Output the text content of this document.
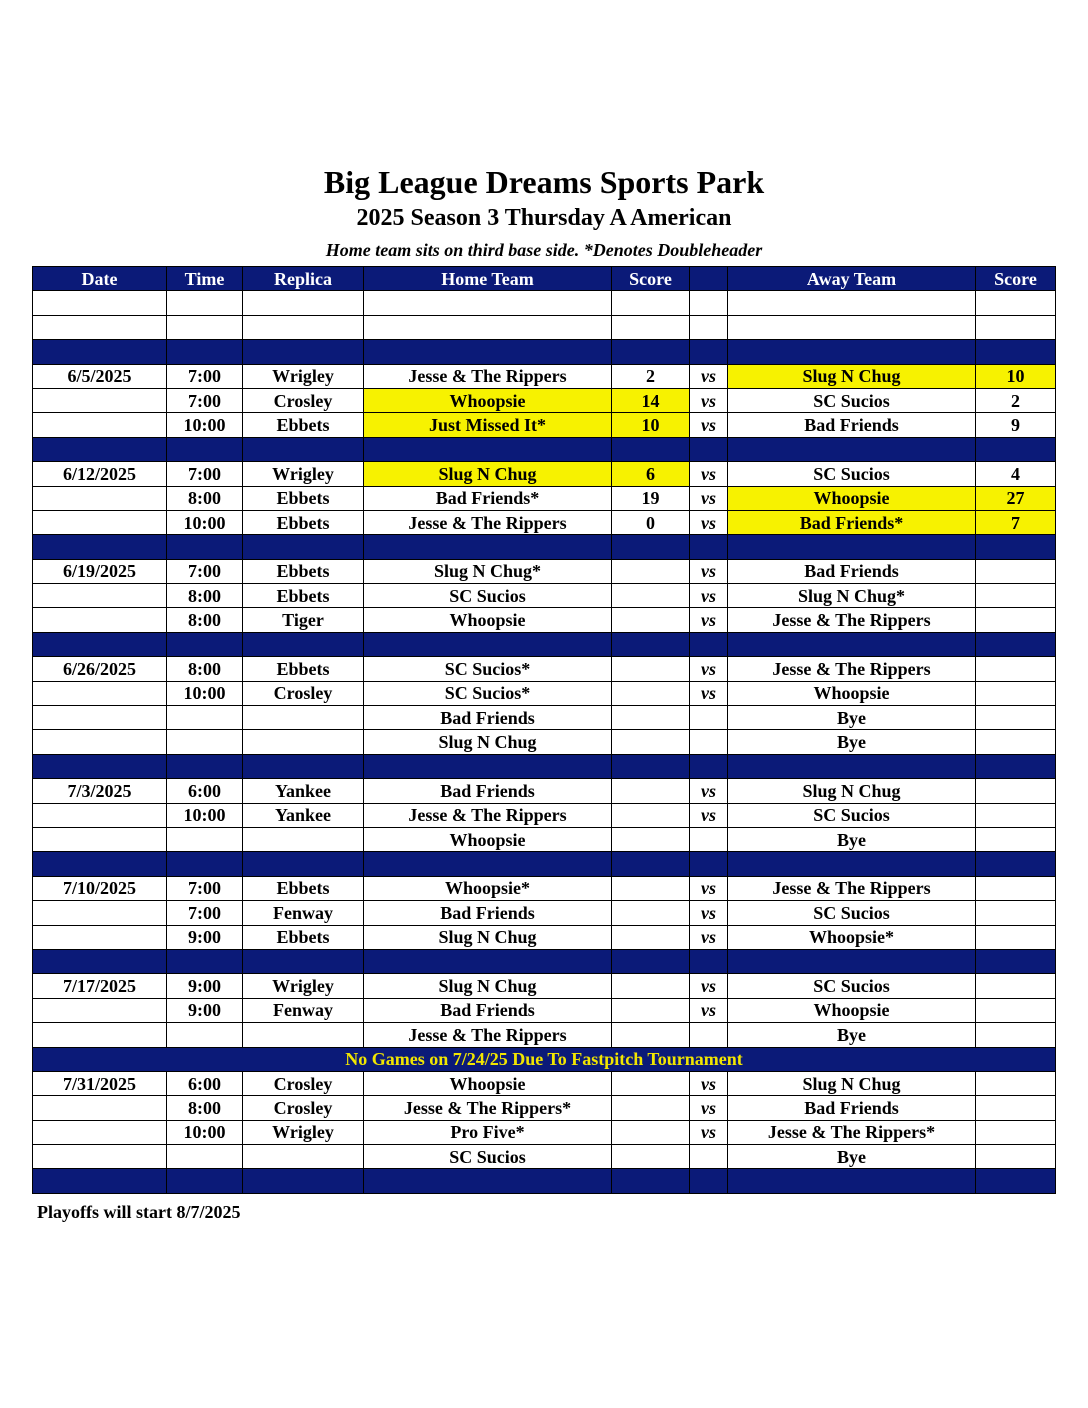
Big League Dreams Sports Park
2025 Season 3 Thursday A American
Home team sits on third base side. *Denotes Doubleheader
Date	Time	Replica	Home Team	Score		Away Team	Score

6/5/2025	7:00	Wrigley	Jesse & The Rippers	2	vs	Slug N Chug	10
	7:00	Crosley	Whoopsie	14	vs	SC Sucios	2
	10:00	Ebbets	Just Missed It*	10	vs	Bad Friends	9

6/12/2025	7:00	Wrigley	Slug N Chug	6	vs	SC Sucios	4
	8:00	Ebbets	Bad Friends*	19	vs	Whoopsie	27
	10:00	Ebbets	Jesse & The Rippers	0	vs	Bad Friends*	7

6/19/2025	7:00	Ebbets	Slug N Chug*		vs	Bad Friends	
	8:00	Ebbets	SC Sucios		vs	Slug N Chug*	
	8:00	Tiger	Whoopsie		vs	Jesse & The Rippers	

6/26/2025	8:00	Ebbets	SC Sucios*		vs	Jesse & The Rippers	
	10:00	Crosley	SC Sucios*		vs	Whoopsie	
			Bad Friends			Bye	
			Slug N Chug			Bye	

7/3/2025	6:00	Yankee	Bad Friends		vs	Slug N Chug	
	10:00	Yankee	Jesse & The Rippers		vs	SC Sucios	
			Whoopsie			Bye	

7/10/2025	7:00	Ebbets	Whoopsie*		vs	Jesse & The Rippers	
	7:00	Fenway	Bad Friends		vs	SC Sucios	
	9:00	Ebbets	Slug N Chug		vs	Whoopsie*	

7/17/2025	9:00	Wrigley	Slug N Chug		vs	SC Sucios	
	9:00	Fenway	Bad Friends		vs	Whoopsie	
			Jesse & The Rippers			Bye	
No Games on 7/24/25 Due To Fastpitch Tournament							
7/31/2025	6:00	Crosley	Whoopsie		vs	Slug N Chug	
	8:00	Crosley	Jesse & The Rippers*		vs	Bad Friends	
	10:00	Wrigley	Pro Five*		vs	Jesse & The Rippers*	
			SC Sucios			Bye	

Playoffs will start 8/7/2025
